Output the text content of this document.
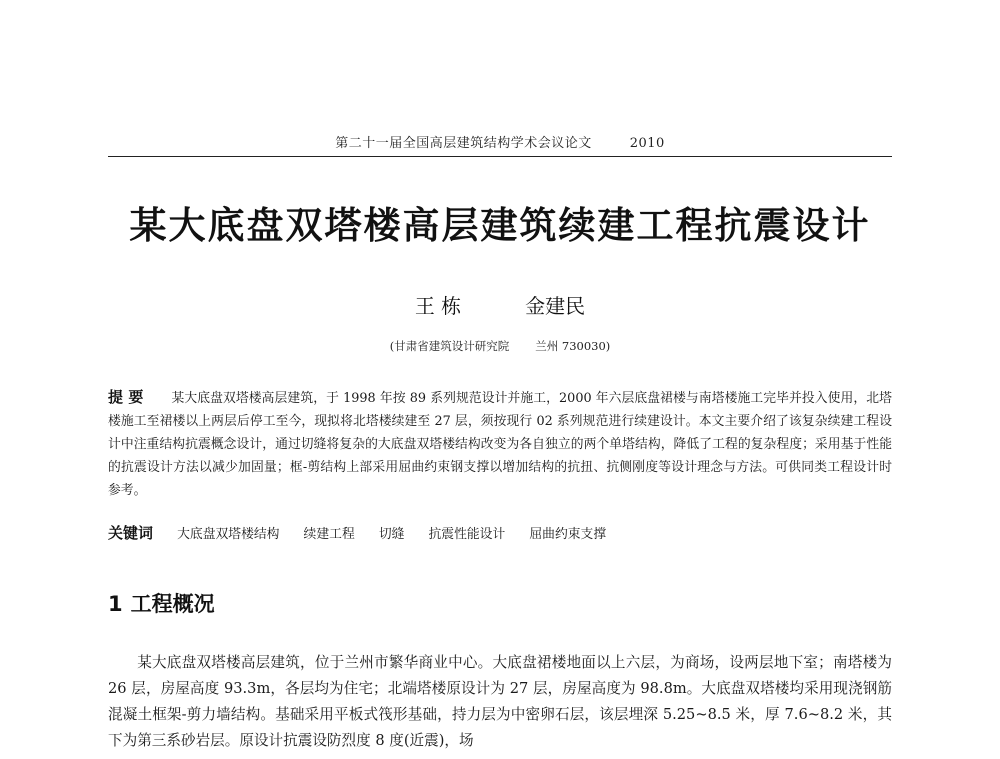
第二十一届全国高层建筑结构学术会议论文	2010
某大底盘双塔楼高层建筑续建工程抗震设计
王 栋	金建民
(甘肃省建筑设计研究院 兰州 730030)
提 要 某大底盘双塔楼高层建筑，于 1998 年按 89 系列规范设计并施工，2000 年六层底盘裙楼与南塔楼施工完毕并投入使用，北塔楼施工至裙楼以上两层后停工至今，现拟将北塔楼续建至 27 层，须按现行 02 系列规范进行续建设计。本文主要介绍了该复杂续建工程设计中注重结构抗震概念设计，通过切缝将复杂的大底盘双塔楼结构改变为各自独立的两个单塔结构，降低了工程的复杂程度；采用基于性能的抗震设计方法以减少加固量；框-剪结构上部采用屈曲约束钢支撑以增加结构的抗扭、抗侧刚度等设计理念与方法。可供同类工程设计时参考。
关键词 大底盘双塔楼结构 续建工程 切缝 抗震性能设计 屈曲约束支撑
1 工程概况
某大底盘双塔楼高层建筑，位于兰州市繁华商业中心。大底盘裙楼地面以上六层，为商场，设两层地下室；南塔楼为 26 层，房屋高度 93.3m，各层均为住宅；北端塔楼原设计为 27 层，房屋高度为 98.8m。大底盘双塔楼均采用现浇钢筋混凝土框架-剪力墙结构。基础采用平板式筏形基础，持力层为中密卵石层，该层埋深 5.25~8.5 米，厚 7.6~8.2 米，其下为第三系砂岩层。原设计抗震设防烈度 8 度(近震)，场
